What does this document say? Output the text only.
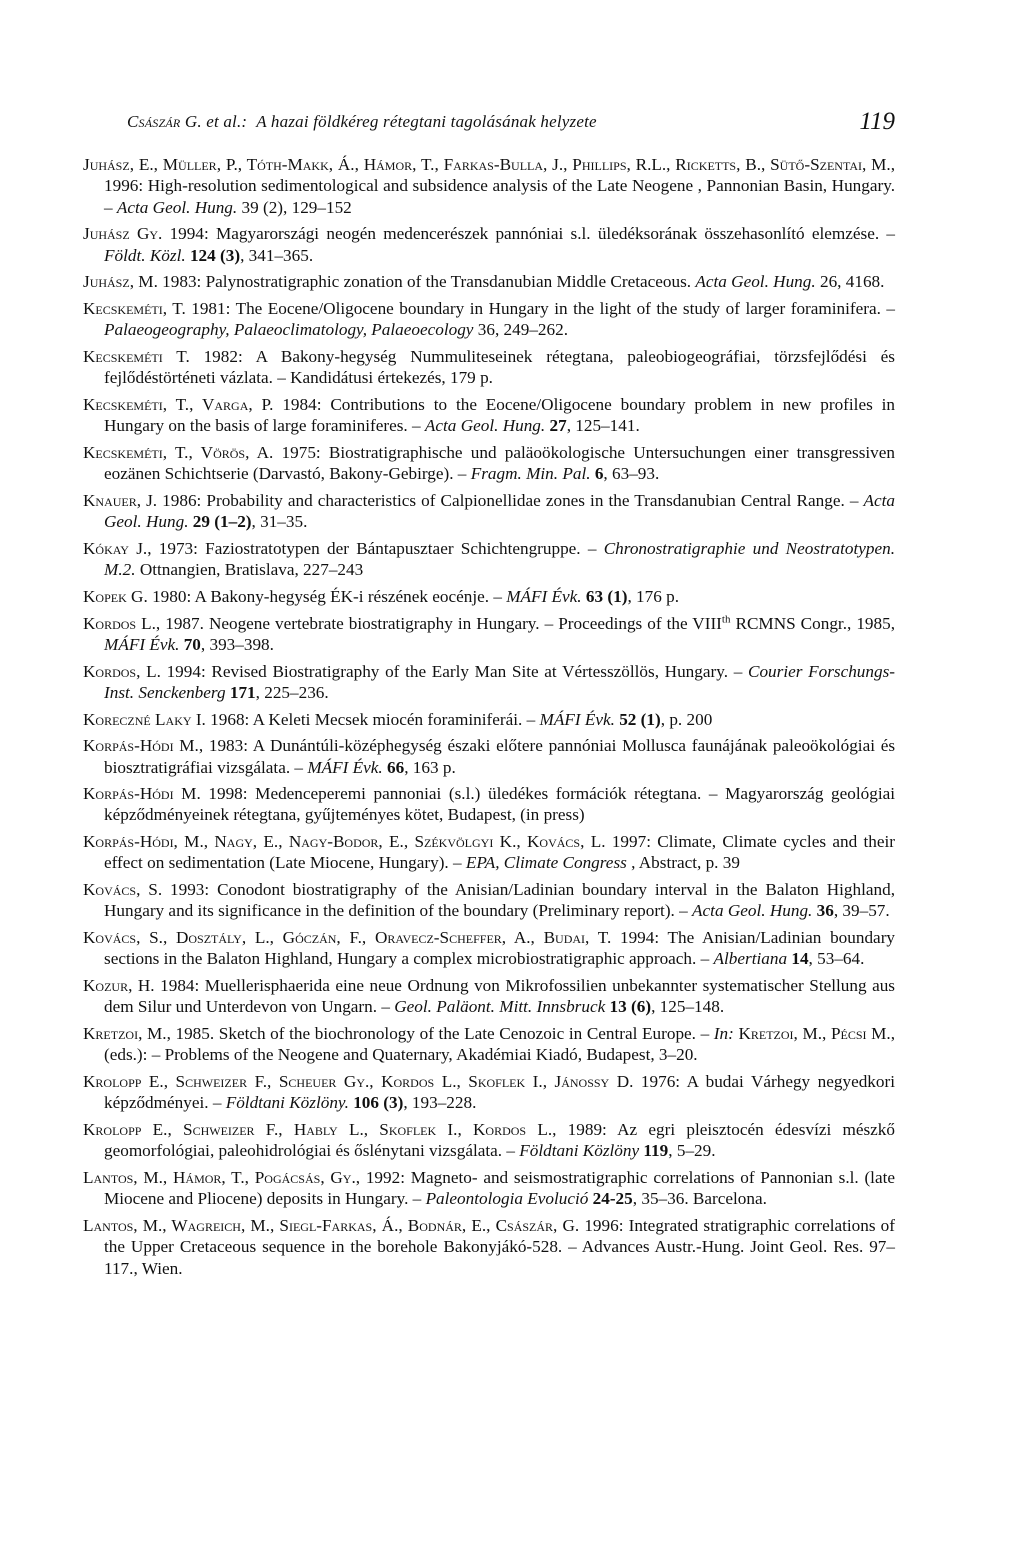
Császár G. et al.: A hazai földkéreg rétegtani tagolásának helyzete	119

Juhász, E., Müller, P., Tóth-Makk, Á., Hámor, T., Farkas-Bulla, J., Phillips, R.L., Ricketts, B., Sütő-Szentai, M., 1996: High-resolution sedimentological and subsidence analysis of the Late Neogene , Pannonian Basin, Hungary. – Acta Geol. Hung. 39 (2), 129–152

Juhász Gy. 1994: Magyarországi neogén medencerészek pannóniai s.l. üledéksorának összehasonlító elemzése. – Földt. Közl. 124 (3), 341–365.

Juhász, M. 1983: Palynostratigraphic zonation of the Transdanubian Middle Cretaceous. Acta Geol. Hung. 26, 4168.

Kecskeméti, T. 1981: The Eocene/Oligocene boundary in Hungary in the light of the study of larger foraminifera. – Palaeogeography, Palaeoclimatology, Palaeoecology 36, 249–262.

Kecskeméti T. 1982: A Bakony-hegység Nummuliteseinek rétegtana, paleobiogeográfiai, törzsfejlődési és fejlődéstörténeti vázlata. – Kandidátusi értekezés, 179 p.

Kecskeméti, T., Varga, P. 1984: Contributions to the Eocene/Oligocene boundary problem in new profiles in Hungary on the basis of large foraminiferes. – Acta Geol. Hung. 27, 125–141.

Kecskeméti, T., Vörös, A. 1975: Biostratigraphische und paläoökologische Untersuchungen einer transgressiven eozänen Schichtserie (Darvastó, Bakony-Gebirge). – Fragm. Min. Pal. 6, 63–93.

Knauer, J. 1986: Probability and characteristics of Calpionellidae zones in the Transdanubian Central Range. – Acta Geol. Hung. 29 (1–2), 31–35.

Kókay J., 1973: Faziostratotypen der Bántapusztaer Schichtengruppe. – Chronostratigraphie und Neostratotypen. M.2. Ottnangien, Bratislava, 227–243

Kopek G. 1980: A Bakony-hegység ÉK-i részének eocénje. – MÁFI Évk. 63 (1), 176 p.

Kordos L., 1987. Neogene vertebrate biostratigraphy in Hungary. – Proceedings of the VIIIth RCMNS Congr., 1985, MÁFI Évk. 70, 393–398.

Kordos, L. 1994: Revised Biostratigraphy of the Early Man Site at Vértesszöllös, Hungary. – Courier Forschungs-Inst. Senckenberg 171, 225–236.

Koreczné Laky I. 1968: A Keleti Mecsek miocén foraminiferái. – MÁFI Évk. 52 (1), p. 200

Korpás-Hódi M., 1983: A Dunántúli-középhegység északi előtere pannóniai Mollusca faunájának paleoökológiai és biosztratigráfiai vizsgálata. – MÁFI Évk. 66, 163 p.

Korpás-Hódi M. 1998: Medenceperemi pannoniai (s.l.) üledékes formációk rétegtana. – Magyarország geológiai képződményeinek rétegtana, gyűjteményes kötet, Budapest, (in press)

Korpás-Hódi, M., Nagy, E., Nagy-Bodor, E., Székvölgyi K., Kovács, L. 1997: Climate, Climate cycles and their effect on sedimentation (Late Miocene, Hungary). – EPA, Climate Congress , Abstract, p. 39

Kovács, S. 1993: Conodont biostratigraphy of the Anisian/Ladinian boundary interval in the Balaton Highland, Hungary and its significance in the definition of the boundary (Preliminary report). – Acta Geol. Hung. 36, 39–57.

Kovács, S., Dosztály, L., Góczán, F., Oravecz-Scheffer, A., Budai, T. 1994: The Anisian/Ladinian boundary sections in the Balaton Highland, Hungary a complex microbiostratigraphic approach. – Albertiana 14, 53–64.

Kozur, H. 1984: Muellerisphaerida eine neue Ordnung von Mikrofossilien unbekannter systematischer Stellung aus dem Silur und Unterdevon von Ungarn. – Geol. Paläont. Mitt. Innsbruck 13 (6), 125–148.

Kretzoi, M., 1985. Sketch of the biochronology of the Late Cenozoic in Central Europe. – In: Kretzoi, M., Pécsi M., (eds.): – Problems of the Neogene and Quaternary, Akadémiai Kiadó, Budapest, 3–20.

Krolopp E., Schweizer F., Scheuer Gy., Kordos L., Skoflek I., Jánossy D. 1976: A budai Várhegy negyedkori képződményei. – Földtani Közlöny. 106 (3), 193–228.

Krolopp E., Schweizer F., Hably L., Skoflek I., Kordos L., 1989: Az egri pleisztocén édesvízi mészkő geomorfológiai, paleohidrológiai és őslénytani vizsgálata. – Földtani Közlöny 119, 5–29.

Lantos, M., Hámor, T., Pogácsás, Gy., 1992: Magneto- and seismostratigraphic correlations of Pannonian s.l. (late Miocene and Pliocene) deposits in Hungary. – Paleontologia Evolució 24-25, 35–36. Barcelona.

Lantos, M., Wagreich, M., Siegl-Farkas, Á., Bodnár, E., Császár, G. 1996: Integrated stratigraphic correlations of the Upper Cretaceous sequence in the borehole Bakonyjákó-528. – Advances Austr.-Hung. Joint Geol. Res. 97–117., Wien.
